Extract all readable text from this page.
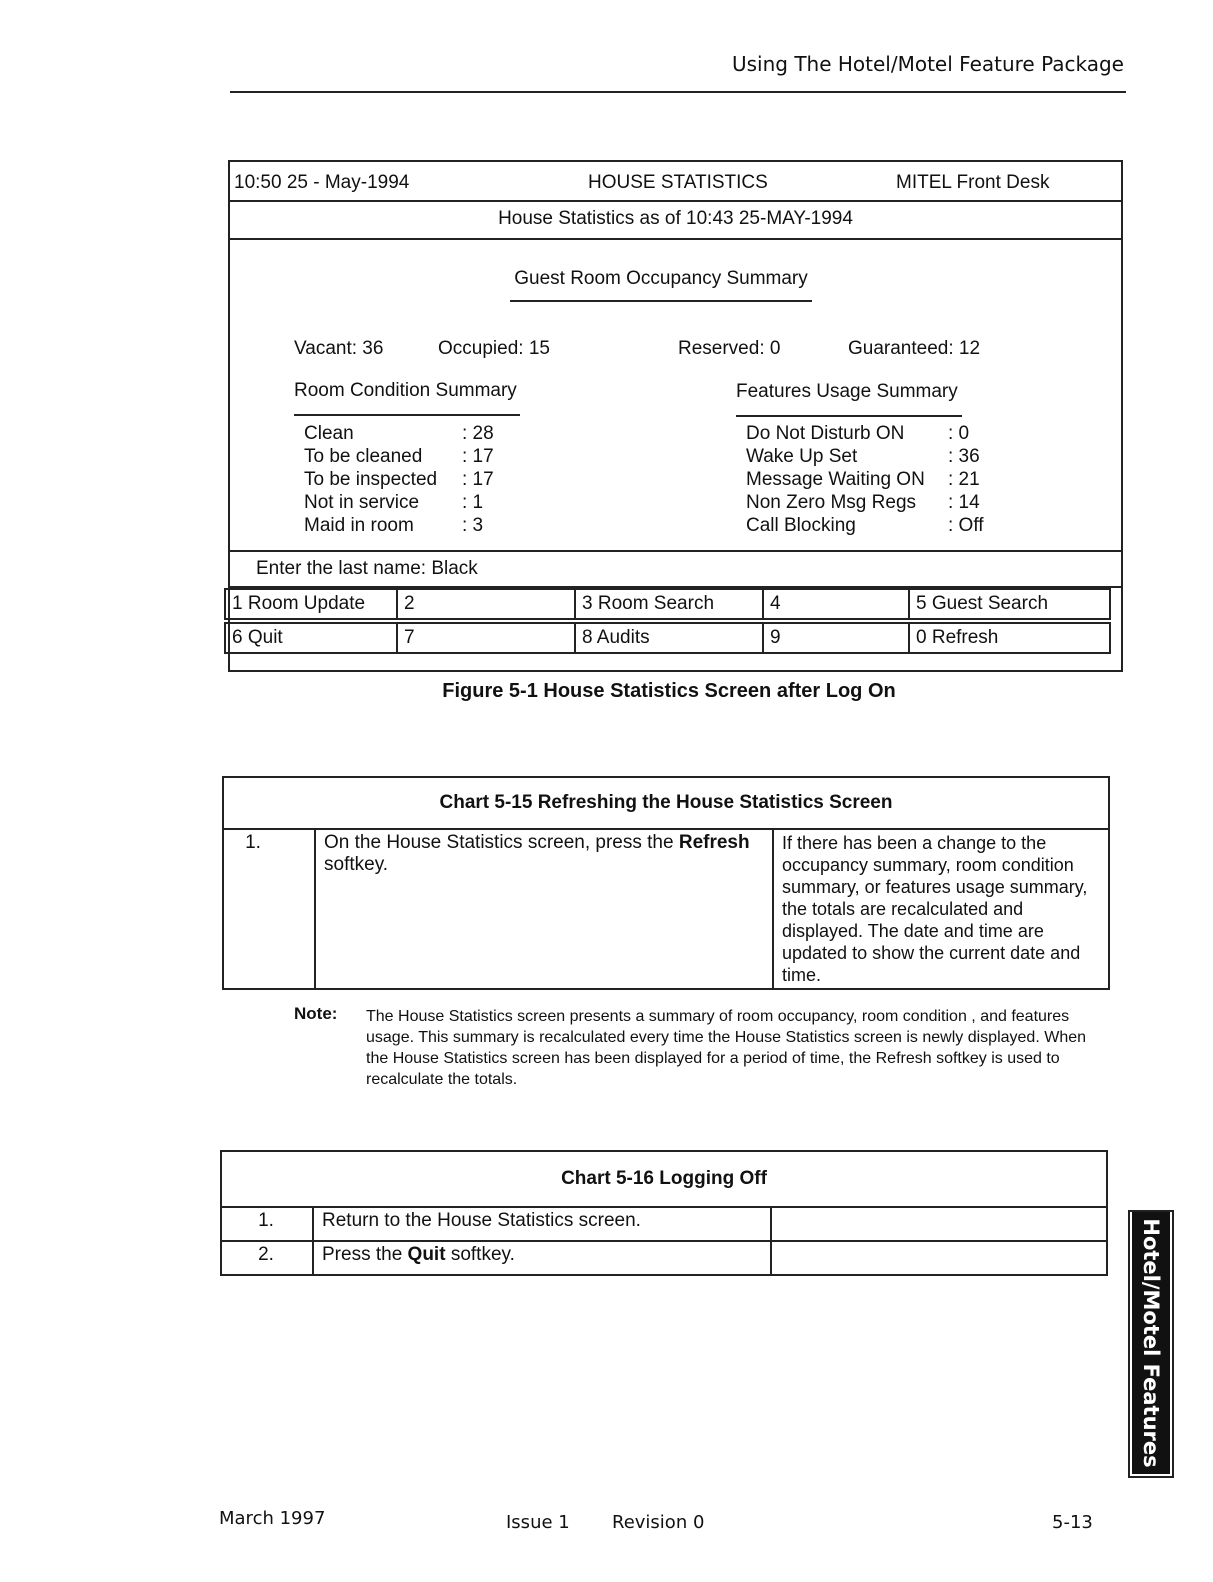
Using The Hotel/Motel Feature Package
10:50 25 - May-1994	HOUSE STATISTICS	MITEL Front Desk
House Statistics as of 10:43 25-MAY-1994
Guest Room Occupancy Summary
Vacant: 36	Occupied: 15	Reserved: 0	Guaranteed: 12
Room Condition Summary	Features Usage Summary
Clean	: 28
To be cleaned : 17
To be inspected : 17
Not in service : 1
Maid in room	: 3
Do Not Disturb ON : 0
Wake Up Set	: 36
Message Waiting ON : 21
Non Zero Msg Regs : 14
Call Blocking	: Off
Enter the last name: Black
1 Room Update	2	3 Room Search	4	5 Guest Search

6 Quit	7	8 Audits	9	0 Refresh
Figure 5-1 House Statistics Screen after Log On
Chart 5-15 Refreshing the House Statistics Screen
1.	On the House Statistics screen, press the Refresh softkey.	If there has been a change to the occupancy summary, room condition summary, or features usage summary, the totals are recalculated and displayed. The date and time are updated to show the current date and time.
Note: The House Statistics screen presents a summary of room occupancy, room condition , and features usage. This summary is recalculated every time the House Statistics screen is newly displayed. When the House Statistics screen has been displayed for a period of time, the Refresh softkey is used to recalculate the totals.
Chart 5-16 Logging Off		
1.	Return to the House Statistics screen.	
2.	Press the Quit softkey.		Hotel/Motel Features
March 1997	Issue 1 Revision 0	5-13
